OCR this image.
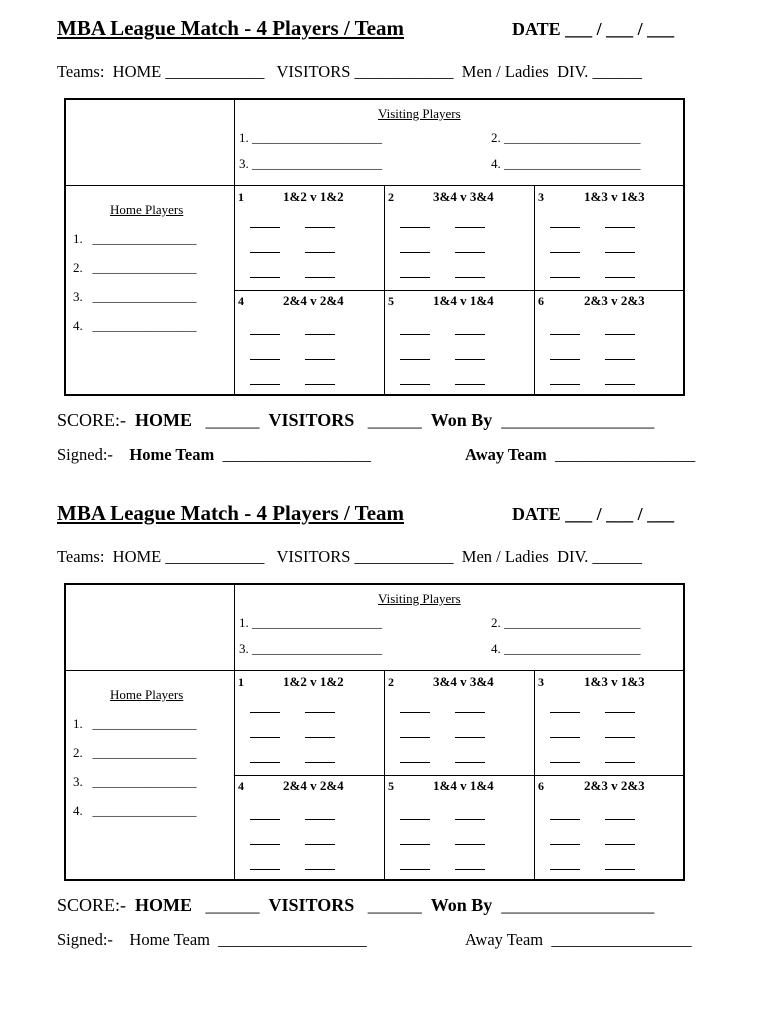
MBA League Match - 4 Players / Team	DATE ___ / ___ / ___
Teams:  HOME ____________   VISITORS ____________  Men / Ladies  DIV. ______
Visiting Players
1. ____________________	2. _____________________
3. ____________________	4. _____________________
Home Players
1.   ________________
2.   ________________
3.   ________________
4.   ________________
1	1&2 v 1&2	2	3&4 v 3&4	3	1&3 v 1&3
4	2&4 v 2&4	5	1&4 v 1&4	6	2&3 v 2&3
SCORE:- HOME ______ VISITORS ______ Won By _________________
Signed:- Home Team __________________	Away Team _________________
MBA League Match - 4 Players / Team	DATE ___ / ___ / ___
Teams:  HOME ____________   VISITORS ____________  Men / Ladies  DIV. ______
Visiting Players
1. ____________________	2. _____________________
3. ____________________	4. _____________________
Home Players
1.   ________________
2.   ________________
3.   ________________
4.   ________________
1	1&2 v 1&2	2	3&4 v 3&4	3	1&3 v 1&3
4	2&4 v 2&4	5	1&4 v 1&4	6	2&3 v 2&3
SCORE:- HOME ______ VISITORS ______ Won By _________________
Signed:- Home Team __________________	Away Team _________________
